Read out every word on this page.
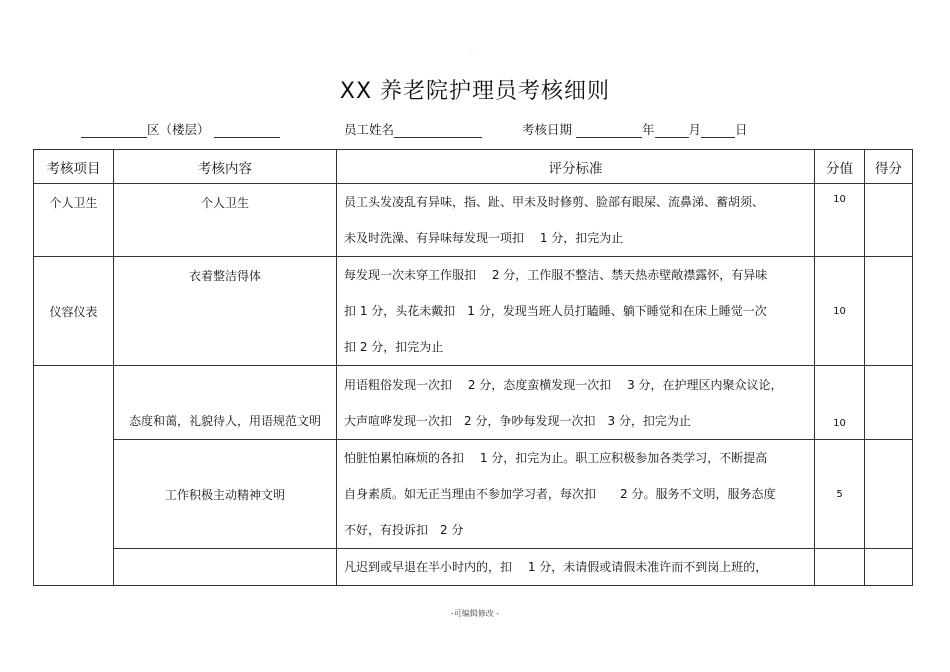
·
XX 养老院护理员考核细则
区（楼层）	员工姓名	考核日期	年	月	日
考核项目	考核内容	评分标准	分值	得分
个人卫生	个人卫生	员工头发凌乱有异味，指、趾、甲未及时修剪、脸部有眼屎、流鼻涕、蓄胡须、
未及时洗澡、有异味每发现一项扣　 1 分，扣完为止	10	
仪容仪表	衣着整洁得体	每发现一次未穿工作服扣　 2 分，工作服不整洁、禁天热赤壁敞襟露怀，有异味
扣 1 分，头花未戴扣　1 分，发现当班人员打瞌睡、躺下睡觉和在床上睡觉一次
扣 2 分，扣完为止	10	
	态度和蔼，礼貌待人，用语规范文明	用语粗俗发现一次扣　 2 分，态度蛮横发现一次扣　 3 分，在护理区内聚众议论，
大声喧哗发现一次扣　2 分，争吵每发现一次扣　3 分，扣完为止	10	
	工作积极主动精神文明	怕脏怕累怕麻烦的各扣　 1 分，扣完为止。职工应积极参加各类学习，不断提高
自身素质。如无正当理由不参加学习者，每次扣　　2 分。服务不文明，服务态度
不好，有投诉扣　2 分	5	

		凡迟到或早退在半小时内的，扣　 1 分，未请假或请假未准许而不到岗上班的，		

-可编辑修改 -
